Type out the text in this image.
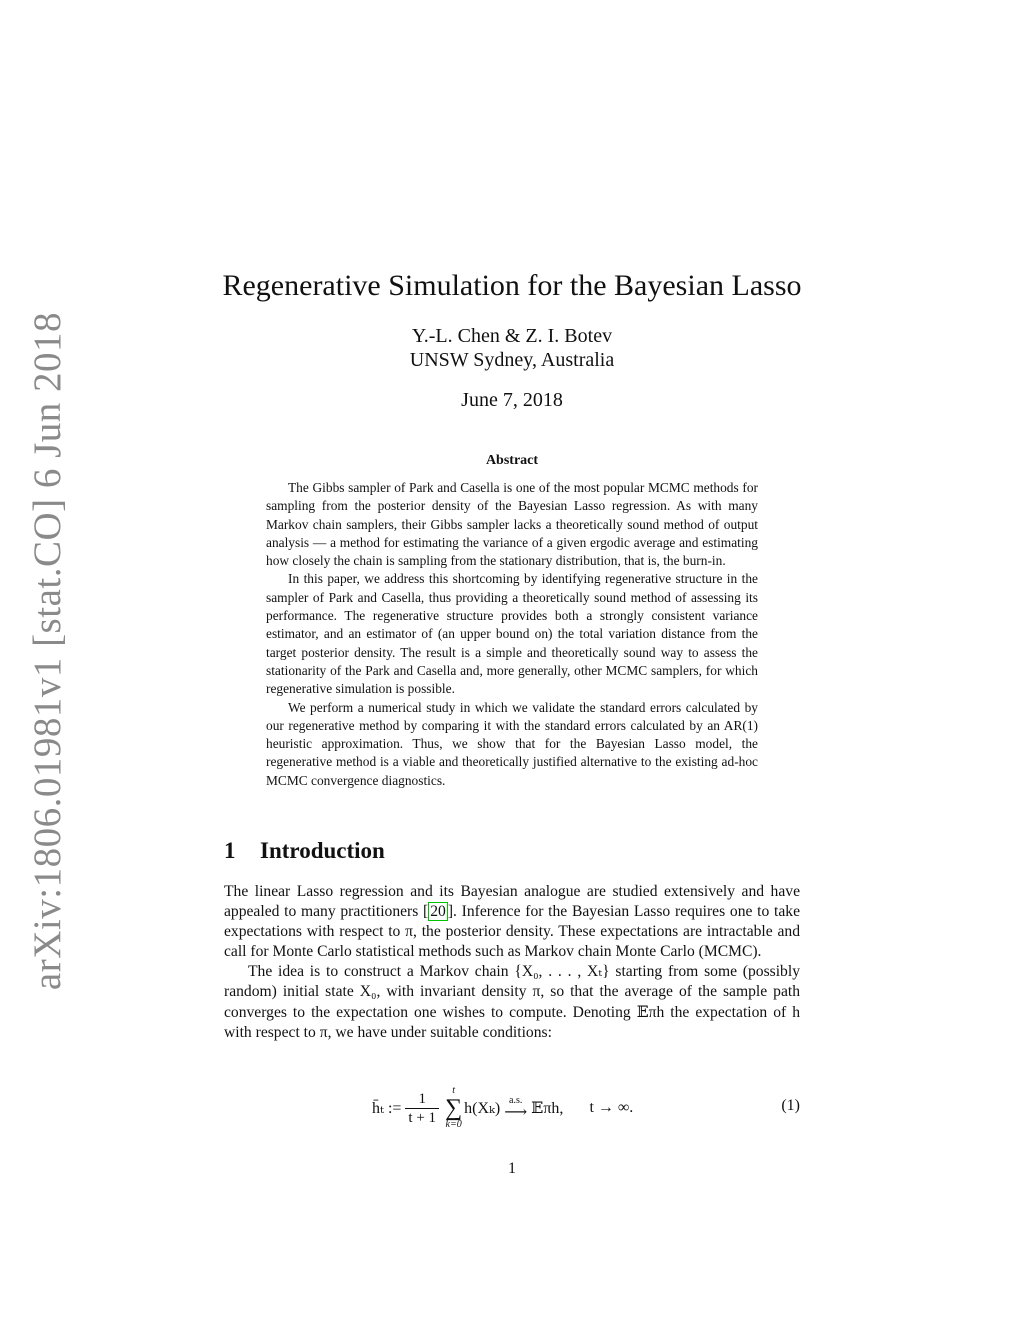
arXiv:1806.01981v1 [stat.CO] 6 Jun 2018
Regenerative Simulation for the Bayesian Lasso
Y.-L. Chen & Z. I. Botev
UNSW Sydney, Australia
June 7, 2018
Abstract

The Gibbs sampler of Park and Casella is one of the most popular MCMC methods for sampling from the posterior density of the Bayesian Lasso regression. As with many Markov chain samplers, their Gibbs sampler lacks a theoretically sound method of output analysis — a method for estimating the variance of a given ergodic average and estimating how closely the chain is sampling from the stationary distribution, that is, the burn-in.

In this paper, we address this shortcoming by identifying regenerative structure in the sampler of Park and Casella, thus providing a theoretically sound method of assessing its performance. The regenerative structure provides both a strongly consistent variance estimator, and an estimator of (an upper bound on) the total variation distance from the target posterior density. The result is a simple and theoretically sound way to assess the stationarity of the Park and Casella and, more generally, other MCMC samplers, for which regenerative simulation is possible.

We perform a numerical study in which we validate the standard errors calculated by our regenerative method by comparing it with the standard errors calculated by an AR(1) heuristic approximation. Thus, we show that for the Bayesian Lasso model, the regenerative method is a viable and theoretically justified alternative to the existing ad-hoc MCMC convergence diagnostics.

1 Introduction

The linear Lasso regression and its Bayesian analogue are studied extensively and have appealed to many practitioners [ 20 ]. Inference for the Bayesian Lasso requires one to take expectations with respect to π, the posterior density. These expectations are intractable and call for Monte Carlo statistical methods such as Markov chain Monte Carlo (MCMC).

The idea is to construct a Markov chain {X₀, . . . , Xₜ} starting from some (possibly random) initial state X₀, with invariant density π, so that the average of the sample path converges to the expectation one wishes to compute. Denoting 𝔼πh the expectation of h with respect to π, we have under suitable conditions:

h̄ₜ := $\frac{1}{t + 1}$ t
∑
k=0
h(Xₖ) a.s.
⟶ 𝔼πh, t → ∞.	(1)
1
